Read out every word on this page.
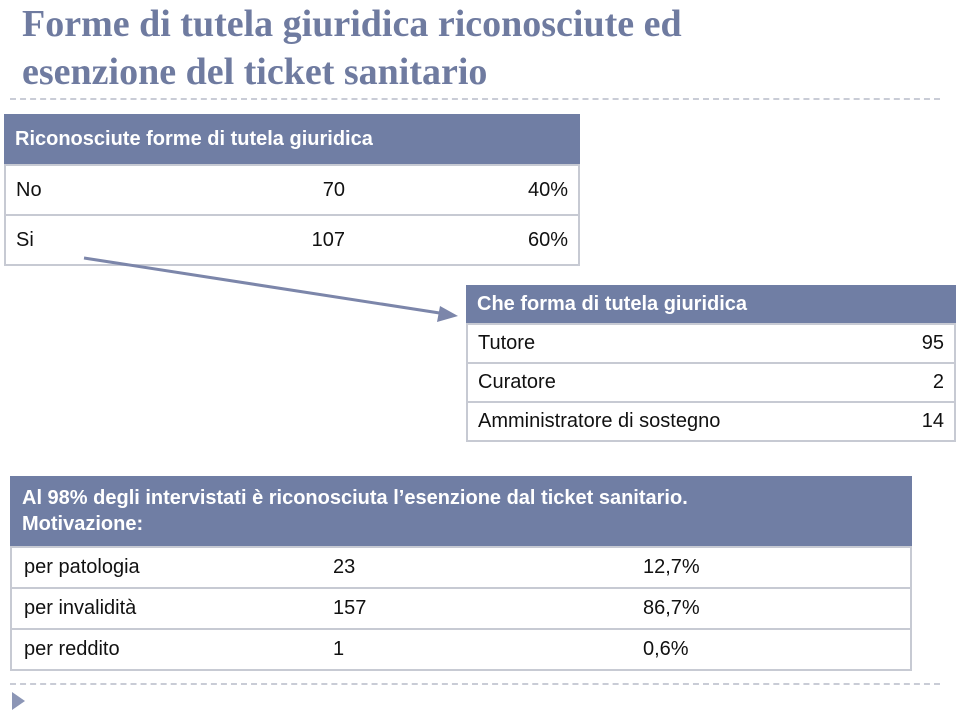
Forme di tutela giuridica riconosciute ed
esenzione del ticket sanitario
Riconosciute forme di tutela giuridica
No	70	40%
Si	107	60%
Che forma di tutela giuridica
Tutore	95
Curatore	2
Amministratore di sostegno	14
Al 98% degli intervistati è riconosciuta l’esenzione dal ticket sanitario.
Motivazione:
per patologia	23	12,7%
per invalidità	157	86,7%
per reddito	1	0,6%
